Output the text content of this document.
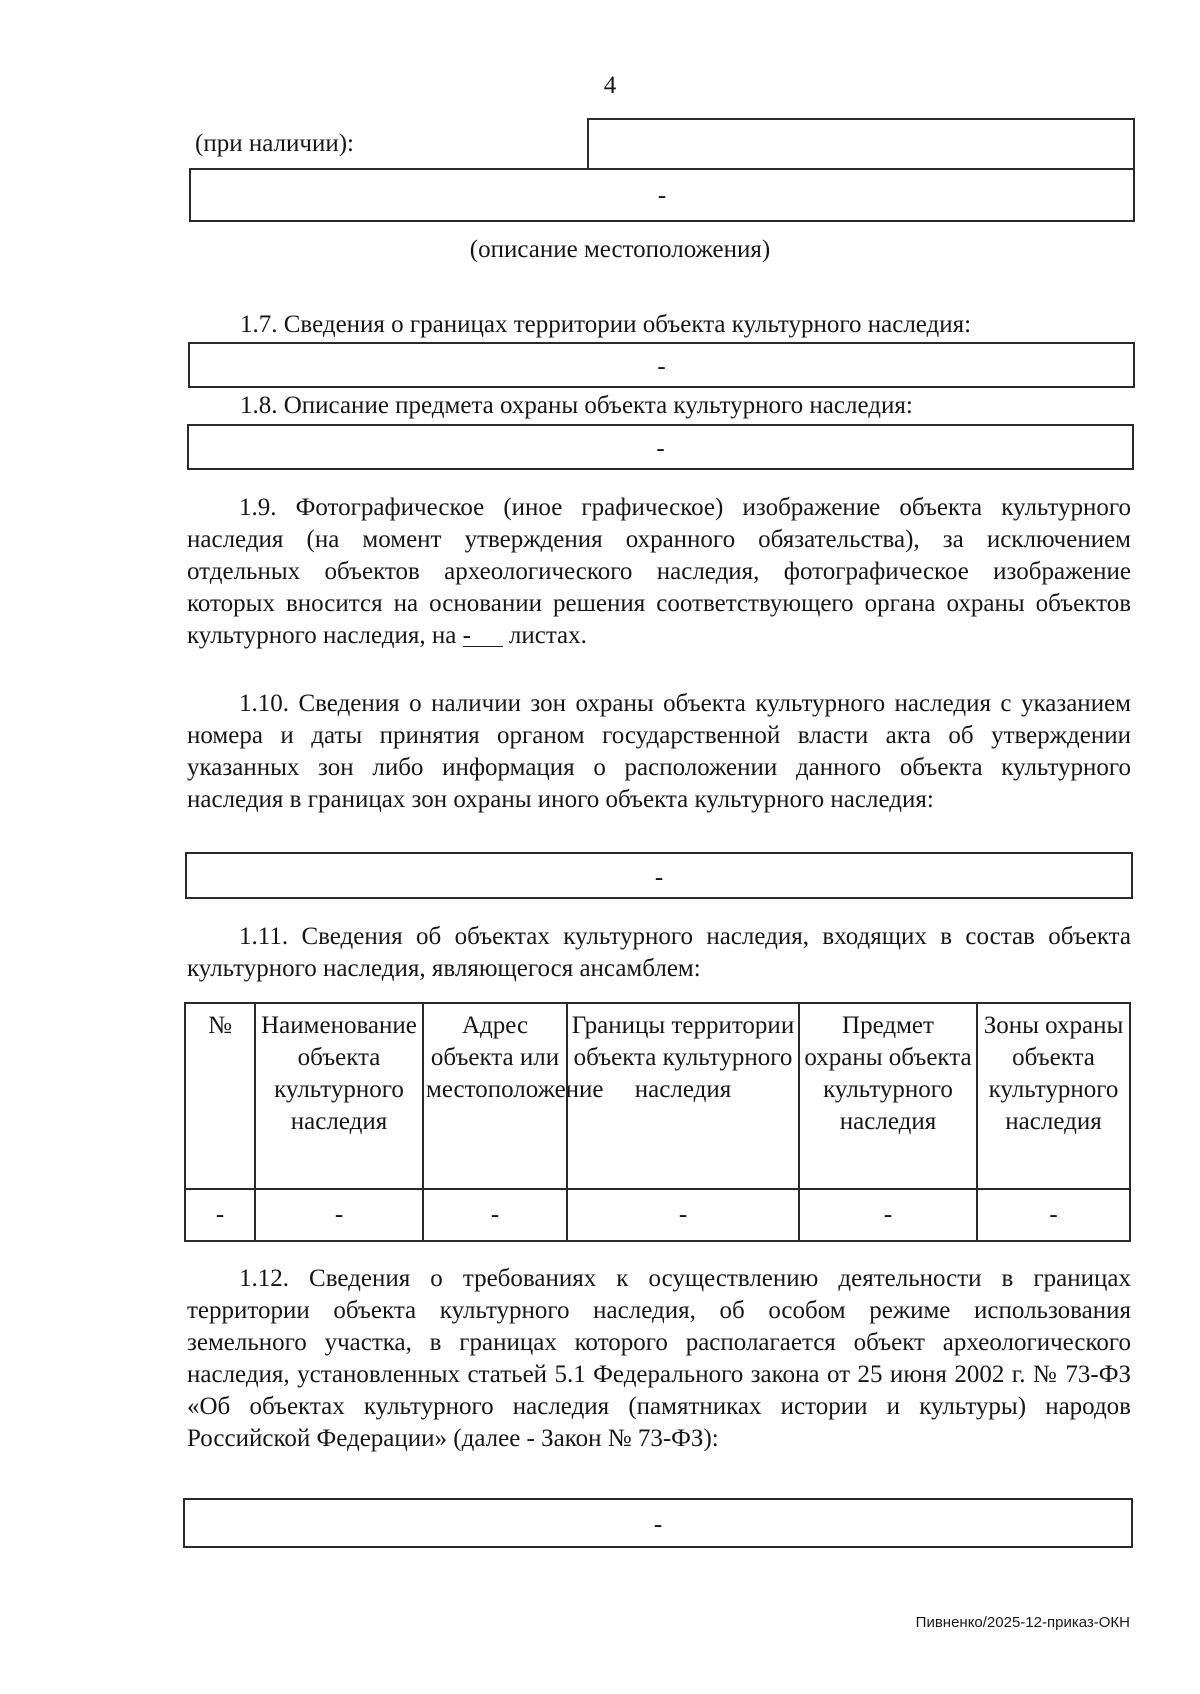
4
(при наличии):
-
(описание местоположения)
1.7. Сведения о границах территории объекта культурного наследия:
-
1.8. Описание предмета охраны объекта культурного наследия:
-

1.9. Фотографическое (иное графическое) изображение объекта культурного наследия (на момент утверждения охранного обязательства), за исключением отдельных объектов археологического наследия, фотографическое изображение которых вносится на основании решения соответствующего органа охраны объектов культурного наследия, на - листах.

1.10. Сведения о наличии зон охраны объекта культурного наследия с указанием номера и даты принятия органом государственной власти акта об утверждении указанных зон либо информация о расположении данного объекта культурного наследия в границах зон охраны иного объекта культурного наследия:

-

1.11. Сведения об объектах культурного наследия, входящих в состав объекта культурного наследия, являющегося ансамблем:

№	Наименование объекта культурного наследия	Адрес объекта или местоположение	Границы территории объекта культурного наследия	Предмет охраны объекта культурного наследия	Зоны охраны объекта культурного наследия
-	-	-	-	-	-

1.12. Сведения о требованиях к осуществлению деятельности в границах территории объекта культурного наследия, об особом режиме использования земельного участка, в границах которого располагается объект археологического наследия, установленных статьей 5.1 Федерального закона от 25 июня 2002 г. № 73-ФЗ «Об объектах культурного наследия (памятниках истории и культуры) народов Российской Федерации» (далее - Закон № 73-ФЗ):

-
Пивненко/2025-12-приказ-ОКН
